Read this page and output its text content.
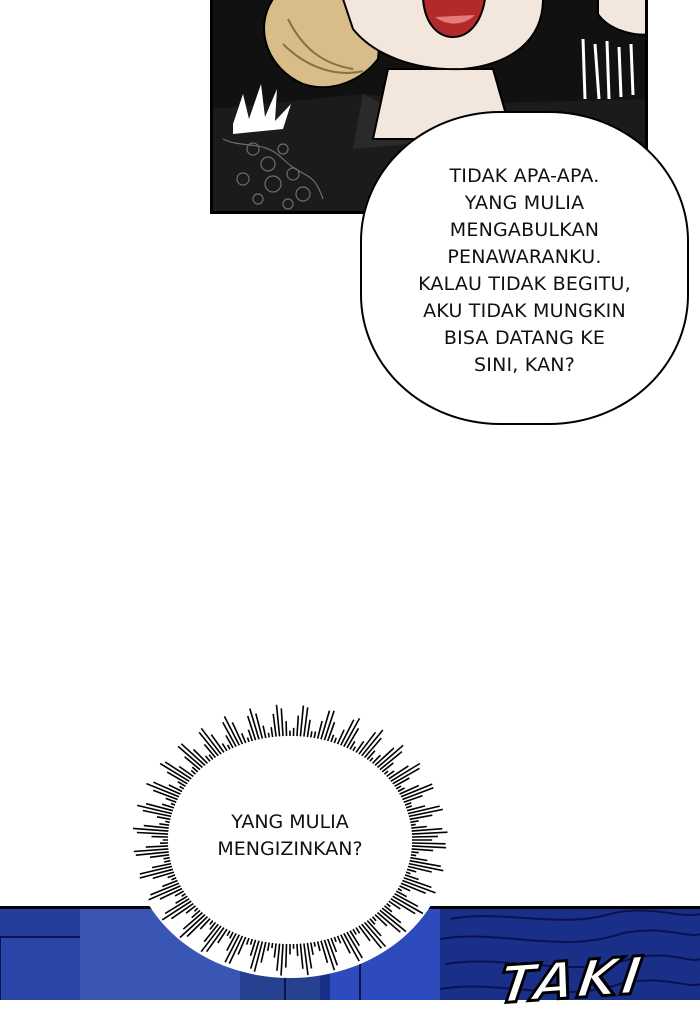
TIDAK APA-APA.
YANG MULIA
MENGABULKAN
PENAWARANKU.
KALAU TIDAK BEGITU,
AKU TIDAK MUNGKIN
BISA DATANG KE
SINI, KAN?
TAKI
YANG MULIA
MENGIZINKAN?
